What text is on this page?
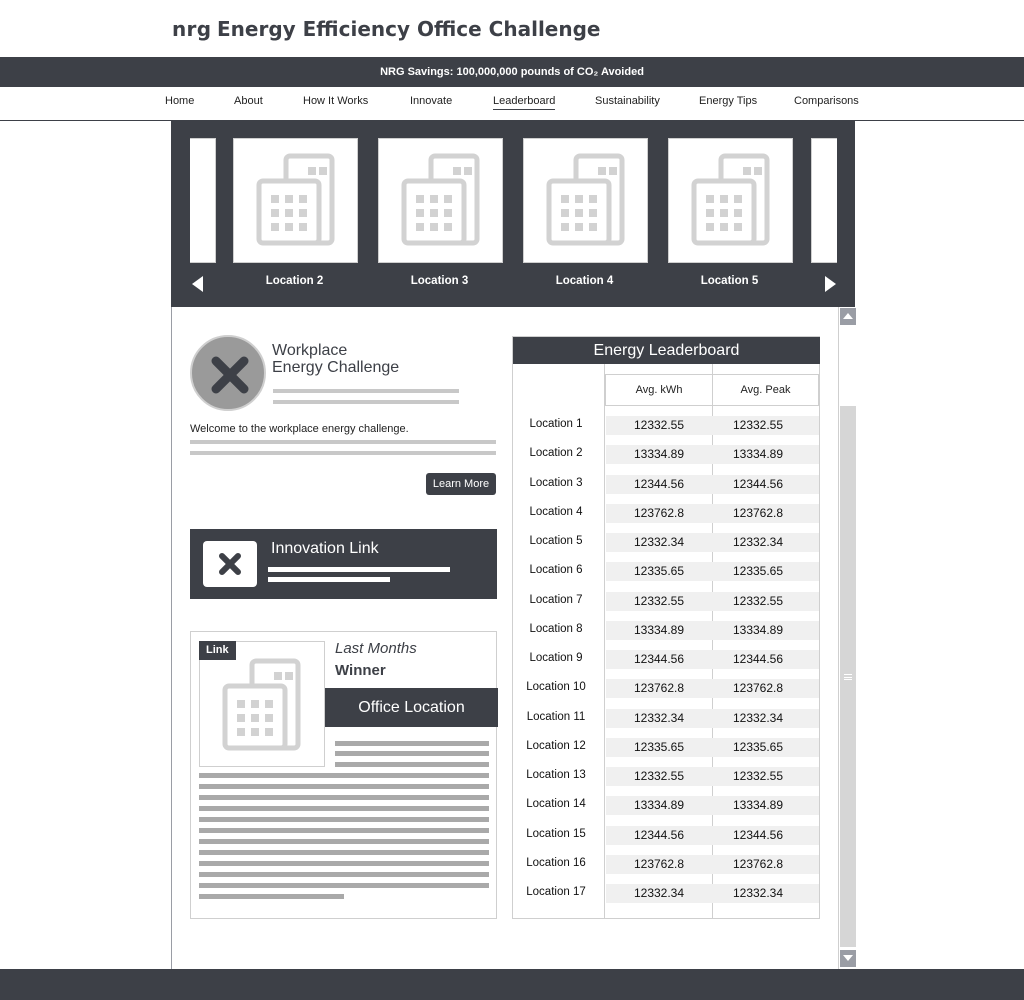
nrg Energy Efficiency Office Challenge
NRG Savings: 100,000,000 pounds of CO₂ Avoided
Home	About	How It Works	Innovate	Leaderboard	Sustainability	Energy Tips	Comparisons
Location 2	Location 3	Location 4	Location 5
Workplace
Energy Challenge
Welcome to the workplace energy challenge.
Learn More
Innovation Link
Link	Last Months
Winner
Office Location
Energy Leaderboard
Avg. kWh	Avg. Peak
Location 1	12332.55	12332.55
Location 2	13334.89	13334.89
Location 3	12344.56	12344.56
Location 4	123762.8	123762.8
Location 5	12332.34	12332.34
Location 6	12335.65	12335.65
Location 7	12332.55	12332.55
Location 8	13334.89	13334.89
Location 9	12344.56	12344.56
Location 10	123762.8	123762.8
Location 11	12332.34	12332.34
Location 12	12335.65	12335.65
Location 13	12332.55	12332.55
Location 14	13334.89	13334.89
Location 15	12344.56	12344.56
Location 16	123762.8	123762.8
Location 17	12332.34	12332.34
